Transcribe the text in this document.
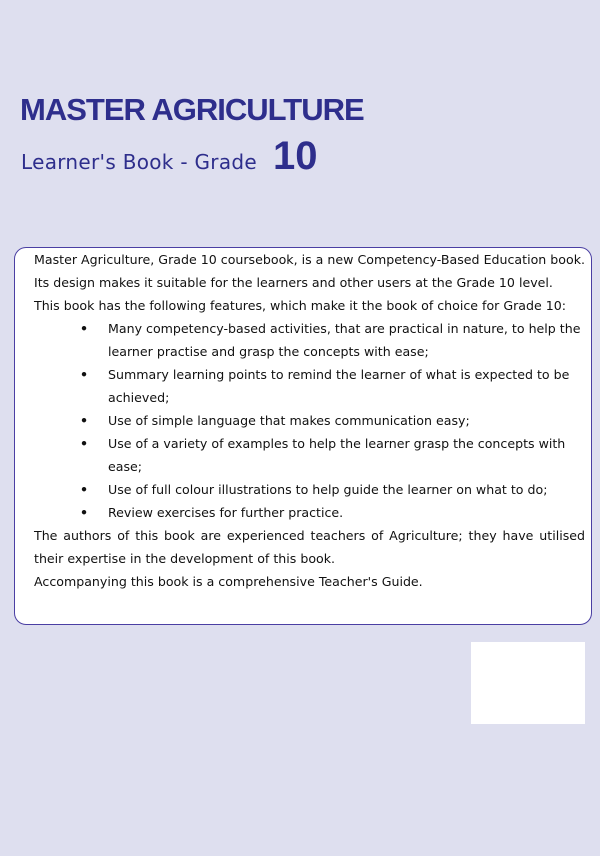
MASTER AGRICULTURE
Learner's Book - Grade 10

Master Agriculture, Grade 10 coursebook, is a new Competency-Based Education book. Its design makes it suitable for the learners and other users at the Grade 10 level.

This book has the following features, which make it the book of choice for Grade 10:

• Many competency-based activities, that are practical in nature, to help the learner practise and grasp the concepts with ease;
• Summary learning points to remind the learner of what is expected to be achieved;
• Use of simple language that makes communication easy;
• Use of a variety of examples to help the learner grasp the concepts with ease;
• Use of full colour illustrations to help guide the learner on what to do;
• Review exercises for further practice.

The authors of this book are experienced teachers of Agriculture; they have utilised their expertise in the development of this book.

Accompanying this book is a comprehensive Teacher's Guide.
